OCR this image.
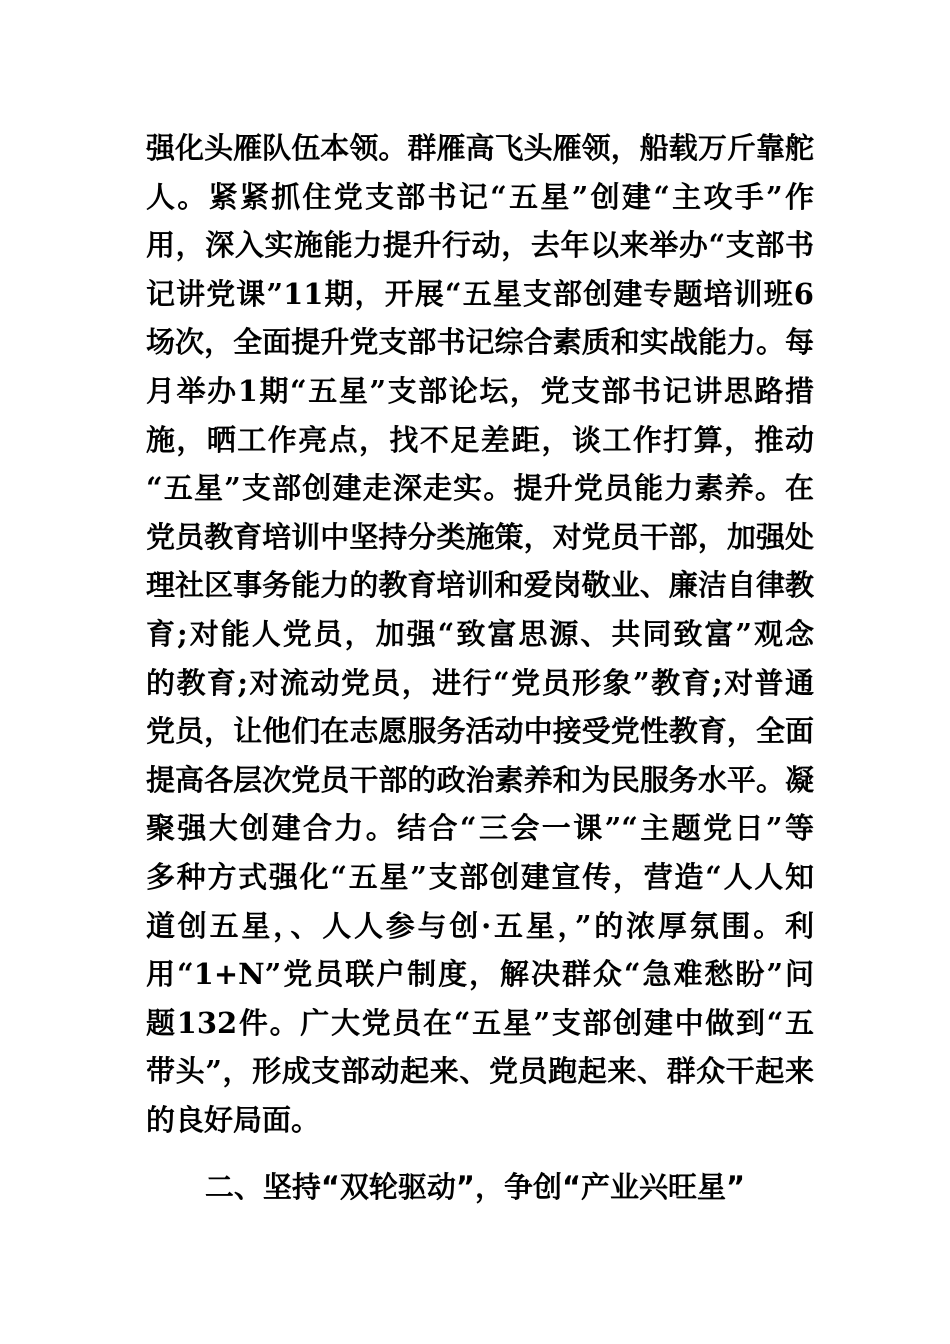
强化头雁队伍本领。群雁高飞头雁领，船载万斤靠舵
人。紧紧抓住党支部书记“五星”创建“主攻手”作
用，深入实施能力提升行动，去年以来举办“支部书
记讲党课”11期，开展“五星支部创建专题培训班6
场次，全面提升党支部书记综合素质和实战能力。每
月举办1期“五星”支部论坛，党支部书记讲思路措
施，晒工作亮点，找不足差距，谈工作打算，推动
“五星”支部创建走深走实。提升党员能力素养。在
党员教育培训中坚持分类施策，对党员干部，加强处
理社区事务能力的教育培训和爱岗敬业、廉洁自律教
育;对能人党员，加强“致富思源、共同致富”观念
的教育;对流动党员，进行“党员形象”教育;对普通
党员，让他们在志愿服务活动中接受党性教育，全面
提高各层次党员干部的政治素养和为民服务水平。凝
聚强大创建合力。结合“三会一课”“主题党日”等
多种方式强化“五星”支部创建宣传，营造“人人知
道创五星，、人人参与创·五星，”的浓厚氛围。利
用“1+N”党员联户制度，解决群众“急难愁盼”问
题132件。广大党员在“五星”支部创建中做到“五
带头”，形成支部动起来、党员跑起来、群众干起来
的良好局面。
二、坚持“双轮驱动”，争创“产业兴旺星”
